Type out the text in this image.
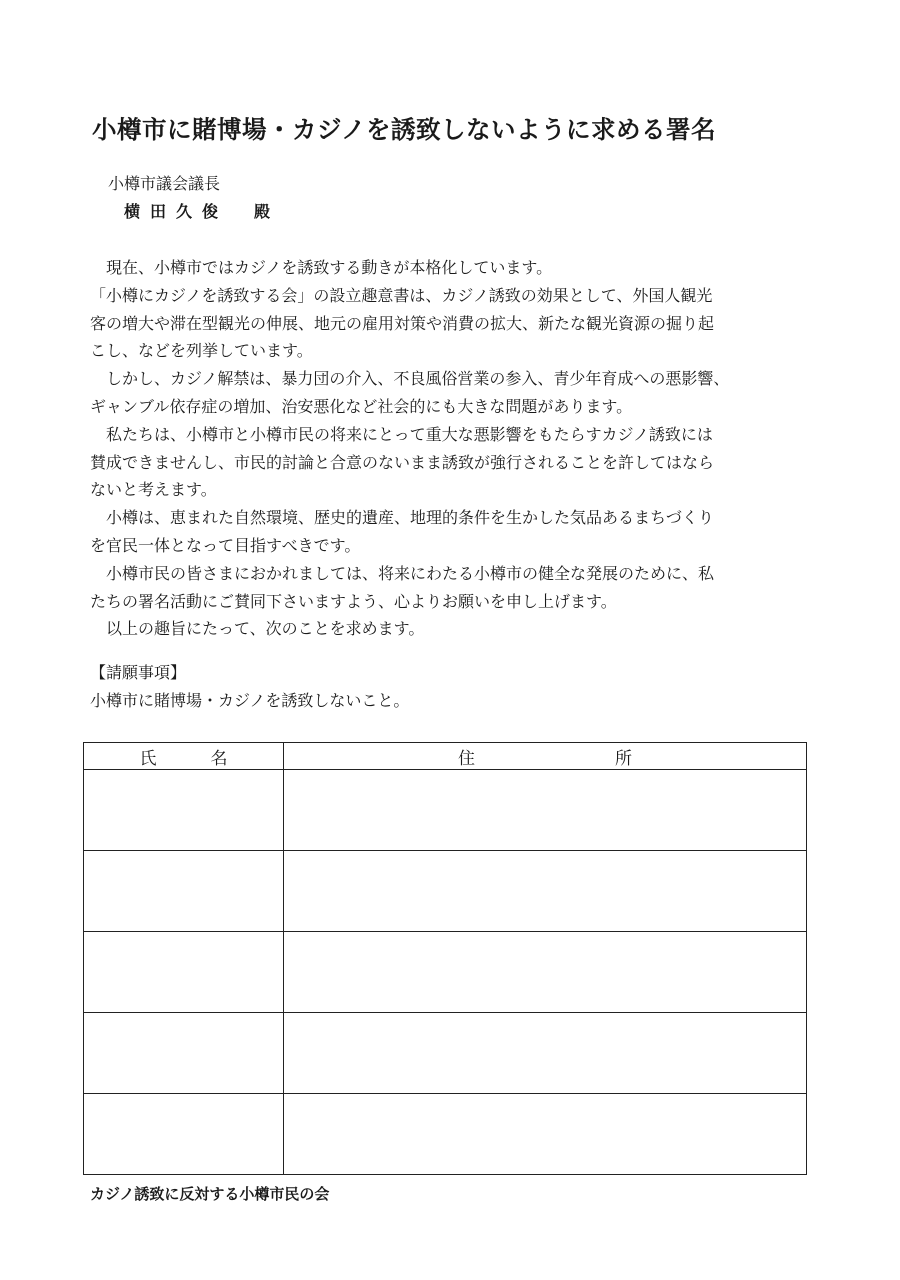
小樽市に賭博場・カジノを誘致しないように求める署名
小樽市議会議長
横田久俊　殿

　現在、小樽市ではカジノを誘致する動きが本格化しています。

「小樽にカジノを誘致する会」の設立趣意書は、カジノ誘致の効果として、外国人観光

客の増大や滞在型観光の伸展、地元の雇用対策や消費の拡大、新たな観光資源の掘り起

こし、などを列挙しています。

　しかし、カジノ解禁は、暴力団の介入、不良風俗営業の参入、青少年育成への悪影響、

ギャンブル依存症の増加、治安悪化など社会的にも大きな問題があります。

　私たちは、小樽市と小樽市民の将来にとって重大な悪影響をもたらすカジノ誘致には

賛成できませんし、市民的討論と合意のないまま誘致が強行されることを許してはなら

ないと考えます。

　小樽は、恵まれた自然環境、歴史的遺産、地理的条件を生かした気品あるまちづくり

を官民一体となって目指すべきです。

　小樽市民の皆さまにおかれましては、将来にわたる小樽市の健全な発展のために、私

たちの署名活動にご賛同下さいますよう、心よりお願いを申し上げます。

　以上の趣旨にたって、次のことを求めます。

【請願事項】
小樽市に賭博場・カジノを誘致しないこと。
氏名	住所

カジノ誘致に反対する小樽市民の会
